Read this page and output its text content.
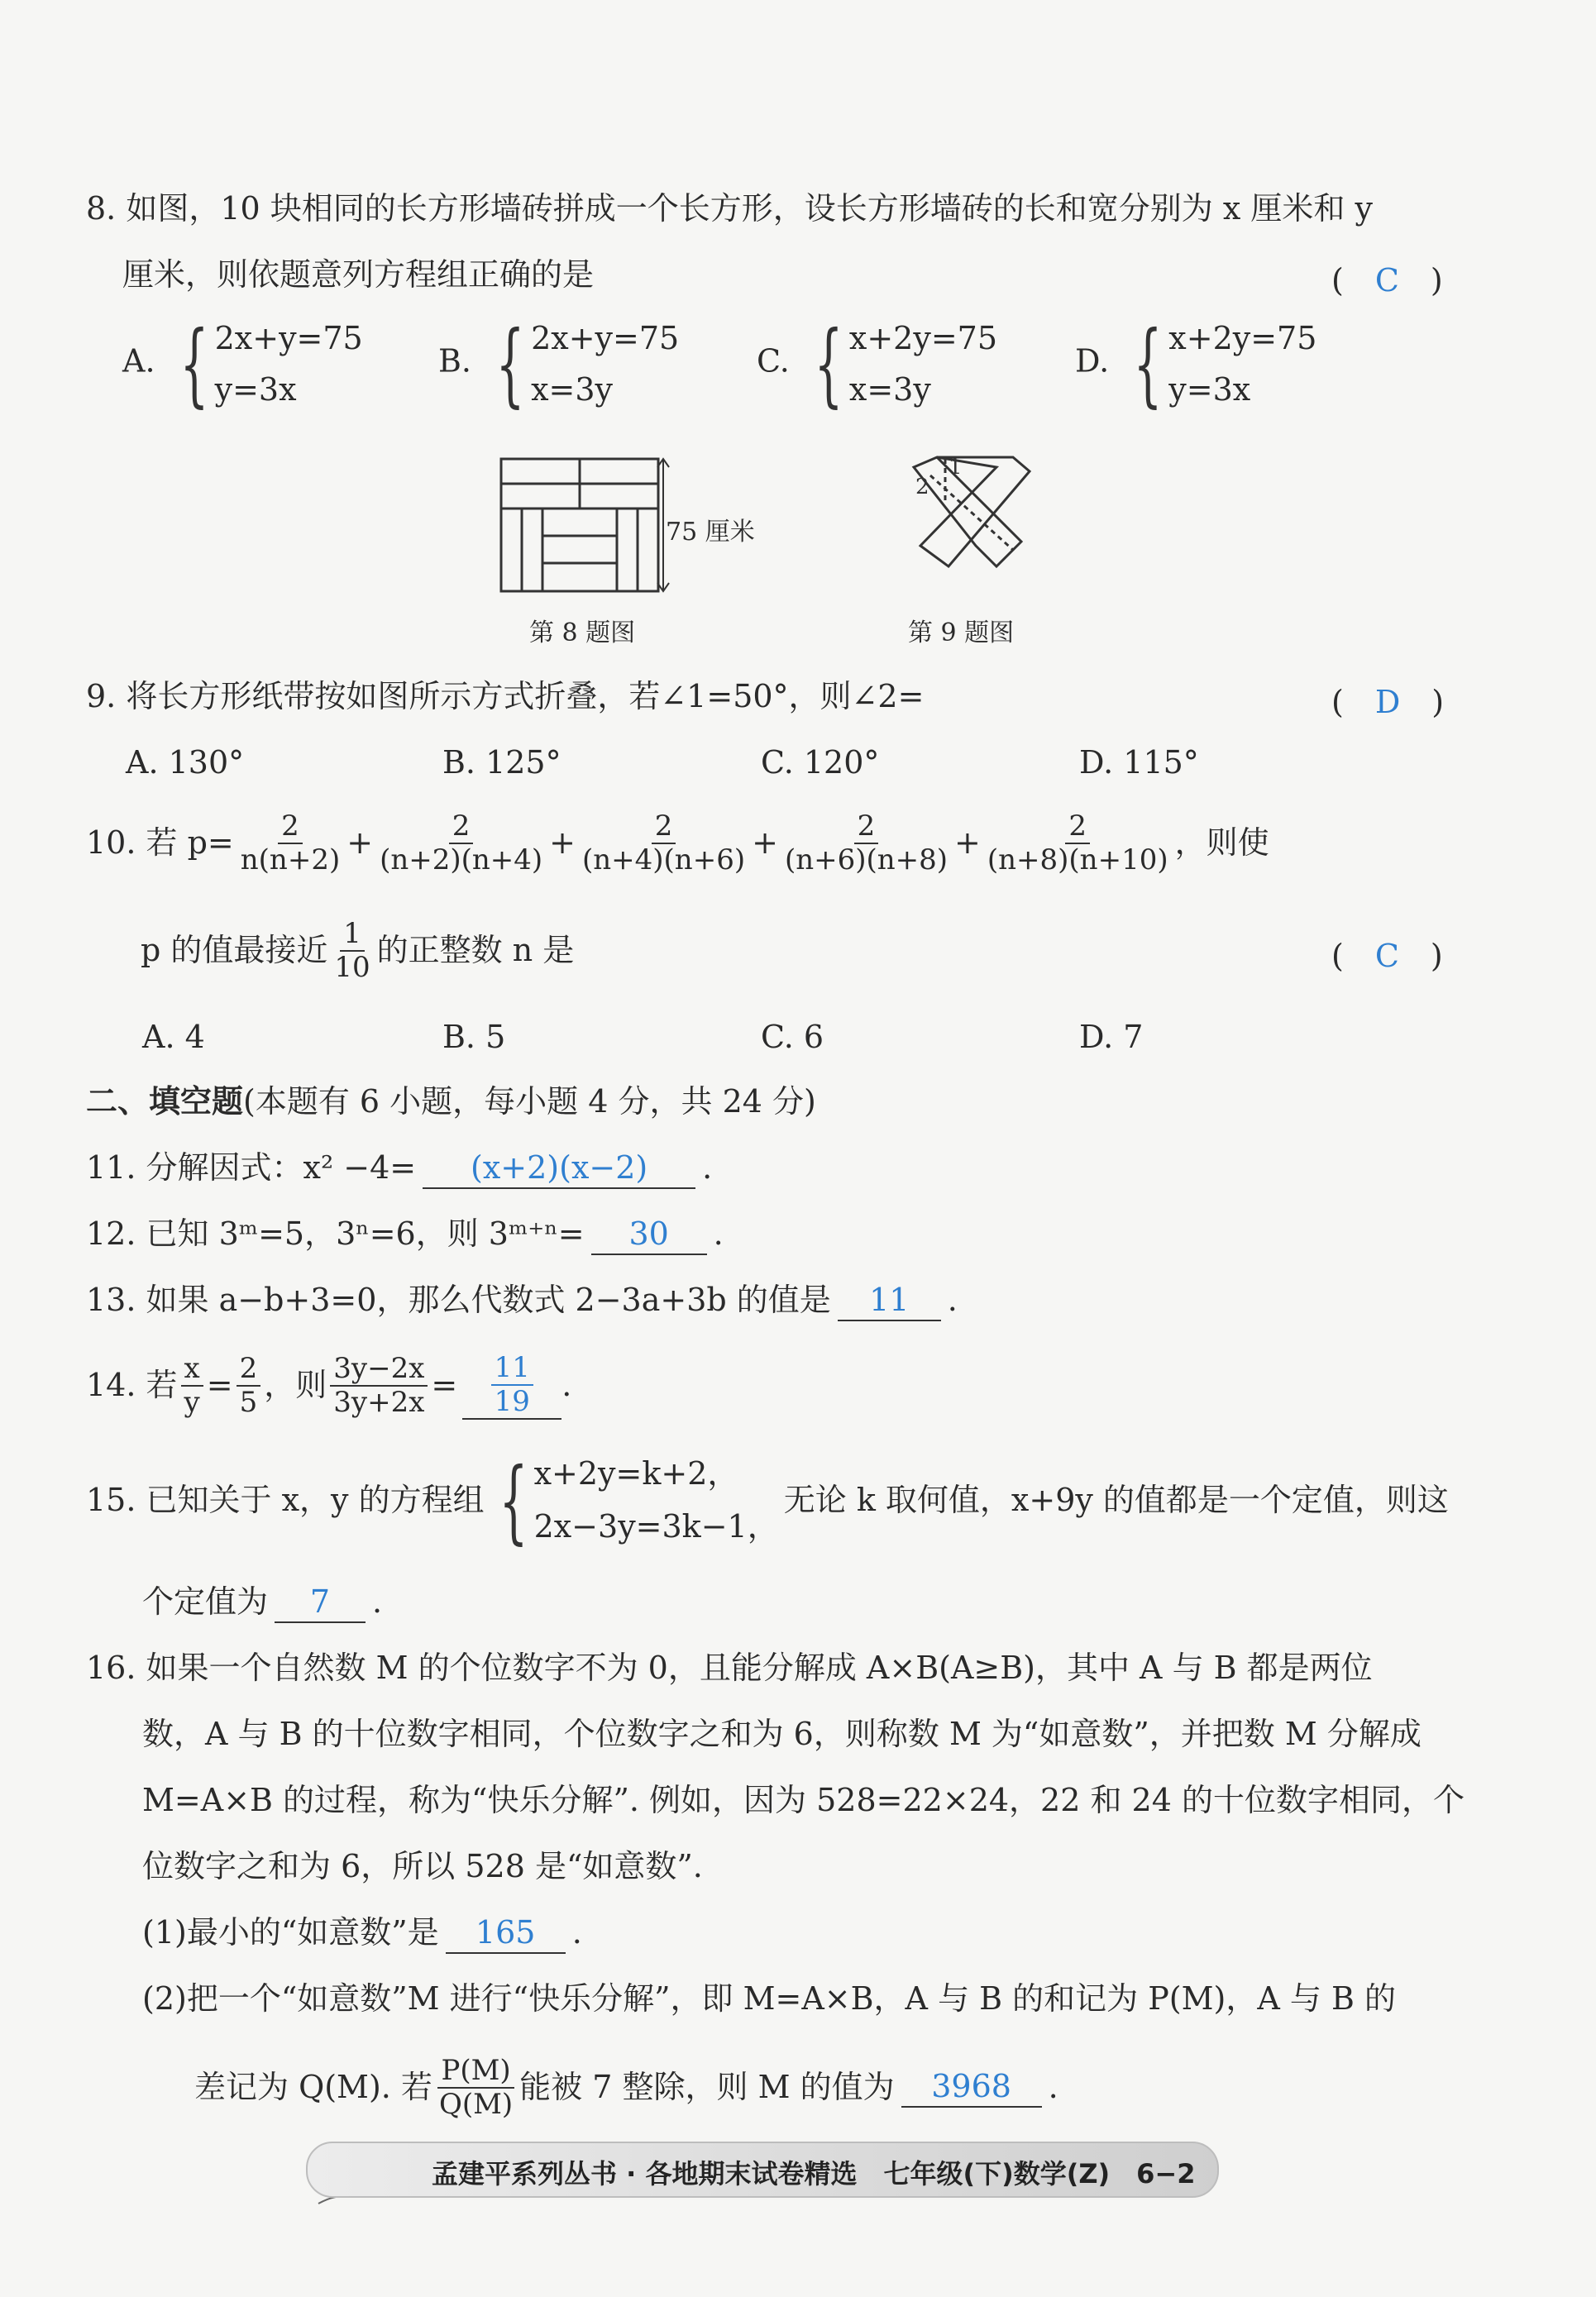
8. 如图，10 块相同的长方形墙砖拼成一个长方形，设长方形墙砖的长和宽分别为 x 厘米和 y
厘米，则依题意列方程组正确的是	(　C　)
A. { 2x+y=75
y=3x
B. { 2x+y=75
x=3y
C. { x+2y=75
x=3y
D. { x+2y=75
y=3x
75 厘米
第 8 题图
1
2
第 9 题图
9. 将长方形纸带按如图所示方式折叠，若∠1=50°，则∠2=	(　D　)
A. 130°	B. 125°	C. 120°	D. 115°
10. 若 $p= \frac{2}{n(n+2)} + \frac{2}{(n+2)(n+4)} + \frac{2}{(n+4)(n+6)} + \frac{2}{(n+6)(n+8)} + \frac{2}{(n+8)(n+10)}$ ，则使
p 的值最接近 $\frac{1}{10}$ 的正整数 n 是	(　C　)
A. 4	B. 5	C. 6	D. 7
二、填空题(本题有 6 小题，每小题 4 分，共 24 分)
11. 分解因式：x² −4= (x+2)(x−2) .
12. 已知 3ᵐ=5，3ⁿ=6，则 3ᵐ⁺ⁿ= 30 .
13. 如果 a−b+3=0，那么代数式 2−3a+3b 的值是 11 .
14. 若 $\frac{x}{y} = \frac{2}{5}$ ，则 $\frac{3y-2x}{3y+2x} = \frac{11}{19}$ .
15. 已知关于 x，y 的方程组 { x+2y=k+2，
2x−3y=3k−1，
无论 k 取何值，x+9y 的值都是一个定值，则这
个定值为 7 .
16. 如果一个自然数 M 的个位数字不为 0，且能分解成 A×B(A≥B)，其中 A 与 B 都是两位
数，A 与 B 的十位数字相同，个位数字之和为 6，则称数 M 为“如意数”，并把数 M 分解成
M=A×B 的过程，称为“快乐分解”. 例如，因为 528=22×24，22 和 24 的十位数字相同，个
位数字之和为 6，所以 528 是“如意数”.
(1)最小的“如意数”是 165 .
(2)把一个“如意数”M 进行“快乐分解”，即 M=A×B，A 与 B 的和记为 P(M)，A 与 B 的
差记为 Q(M). 若 $\frac{P(M)}{Q(M)}$ 能被 7 整除，则 M 的值为	3968	.
孟建平系列丛书 · 各地期末试卷精选　七年级(下)数学(Z)　6−2
